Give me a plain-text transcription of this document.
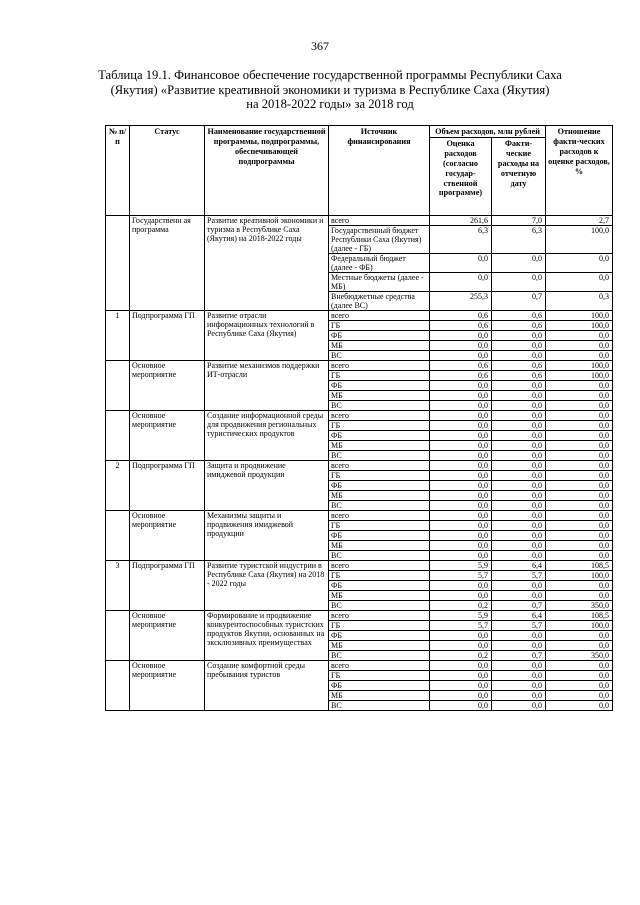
367
Таблица 19.1. Финансовое обеспечение государственной программы Республики Саха
(Якутия) «Развитие креативной экономики и туризма в Республике Саха (Якутия)
на 2018-2022 годы» за 2018 год
№ п/п	Статус	Наименование государственной программы, подпрограммы, обеспечивающей подпрограммы	Источник финансирования	Объем расходов, млн рублей		Отношение факти-ческих расходов к оценке расходов, %
				Оценка расходов (согласно государ-ственной программе)	Факти-ческие расходы на отчетную дату	
	Государственн ая программа	Развитие креативной экономики и туризма в Республике Саха (Якутия) на 2018-2022 годы	всего	261,6	7,0	2,7
			Государственный бюджет Республики Саха (Якутия) (далее - ГБ)	6,3	6,3	100,0
			Федеральный бюджет (далее - ФБ)	0,0	0,0	0,0
			Местные бюджеты (далее - МБ)	0,0	0,0	0,0
			Внебюджетные средства (далее ВС)	255,3	0,7	0,3
1	Подпрограмма ГП	Развитие отрасли информационных технологий в Республике Саха (Якутия)	всего	0,6	0,6	100,0
			ГБ	0,6	0,6	100,0
			ФБ	0,0	0,0	0,0
			МБ	0,0	0,0	0,0
			ВС	0,0	0,0	0,0
	Основное мероприятие	Развитие механизмов поддержки ИТ-отрасли	всего	0,6	0,6	100,0
			ГБ	0,6	0,6	100,0
			ФБ	0,0	0,0	0,0
			МБ	0,0	0,0	0,0
			ВС	0,0	0,0	0,0
	Основное мероприятие	Создание информационной среды для продвижения региональных туристических продуктов	всего	0,0	0,0	0,0
			ГБ	0,0	0,0	0,0
			ФБ	0,0	0,0	0,0
			МБ	0,0	0,0	0,0
			ВС	0,0	0,0	0,0
2	Подпрограмма ГП	Защита и продвижение имиджевой продукции	всего	0,0	0,0	0,0
			ГБ	0,0	0,0	0,0
			ФБ	0,0	0,0	0,0
			МБ	0,0	0,0	0,0
			ВС	0,0	0,0	0,0
	Основное мероприятие	Механизмы защиты и продвижения имиджевой продукции	всего	0,0	0,0	0,0
			ГБ	0,0	0,0	0,0
			ФБ	0,0	0,0	0,0
			МБ	0,0	0,0	0,0
			ВС	0,0	0,0	0,0
3	Подпрограмма ГП	Развитие туристской индустрии в Республике Саха (Якутия) на 2018 - 2022 годы	всего	5,9	6,4	108,5
			ГБ	5,7	5,7	100,0
			ФБ	0,0	0,0	0,0
			МБ	0,0	0,0	0,0
			ВС	0,2	0,7	350,0
	Основное мероприятие	Формирование и продвижение конкурентоспособных туристских продуктов Якутии, основанных на эксклюзивных преимуществах	всего	5,9	6,4	108,5
			ГБ	5,7	5,7	100,0
			ФБ	0,0	0,0	0,0
			МБ	0,0	0,0	0,0
			ВС	0,2	0,7	350,0
	Основное мероприятие	Создание комфортной среды пребывания туристов	всего	0,0	0,0	0,0
			ГБ	0,0	0,0	0,0
			ФБ	0,0	0,0	0,0
			МБ	0,0	0,0	0,0
			ВС	0,0	0,0	0,0
